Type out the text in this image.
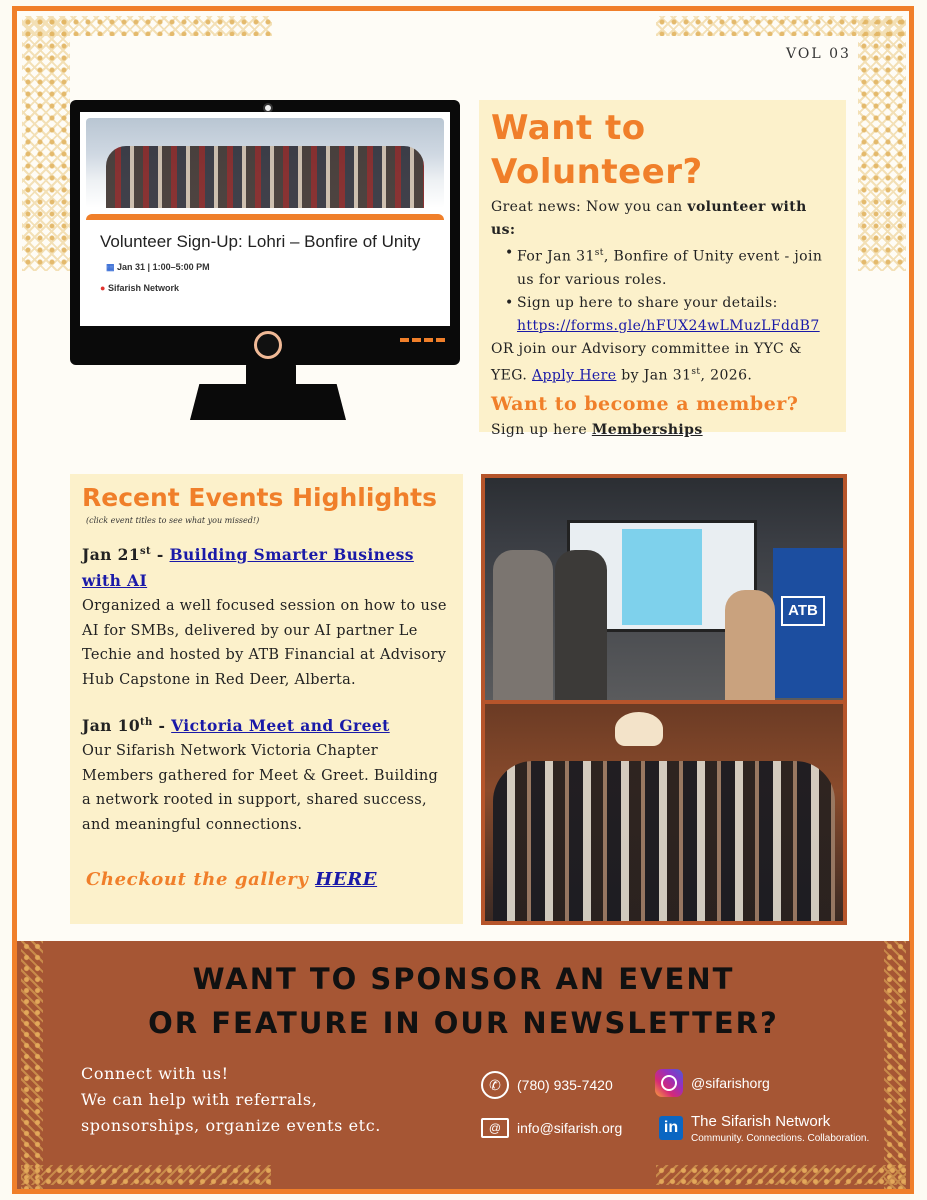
VOL 03
Volunteer Sign-Up: Lohri – Bonfire of Unity
▦ Jan 31 | 1:00–5:00 PM
● Sifarish Network
Want to
Volunteer?
Great news: Now you can volunteer with us:
• For Jan 31st, Bonfire of Unity event - join us for various roles.
• Sign up here to share your details: https://forms.gle/hFUX24wLMuzLFddB7
OR join our Advisory committee in YYC & YEG. Apply Here by Jan 31st, 2026.
Want to become a member?
Sign up here Memberships
Recent Events Highlights
(click event titles to see what you missed!)
Jan 21st - Building Smarter Business with AI
Organized a well focused session on how to use AI for SMBs, delivered by our AI partner Le Techie and hosted by ATB Financial at Advisory Hub Capstone in Red Deer, Alberta.
Jan 10th - Victoria Meet and Greet
Our Sifarish Network Victoria Chapter Members gathered for Meet & Greet. Building a network rooted in support, shared success, and meaningful connections.
Checkout the gallery HERE
ATB
WANT TO SPONSOR AN EVENT
OR FEATURE IN OUR NEWSLETTER?
Connect with us!
We can help with referrals,
sponsorships, organize events etc.
✆	(780) 935-7420
@	info@sifarish.org
@sifarishorg
in The Sifarish Network
Community. Connections. Collaboration.
